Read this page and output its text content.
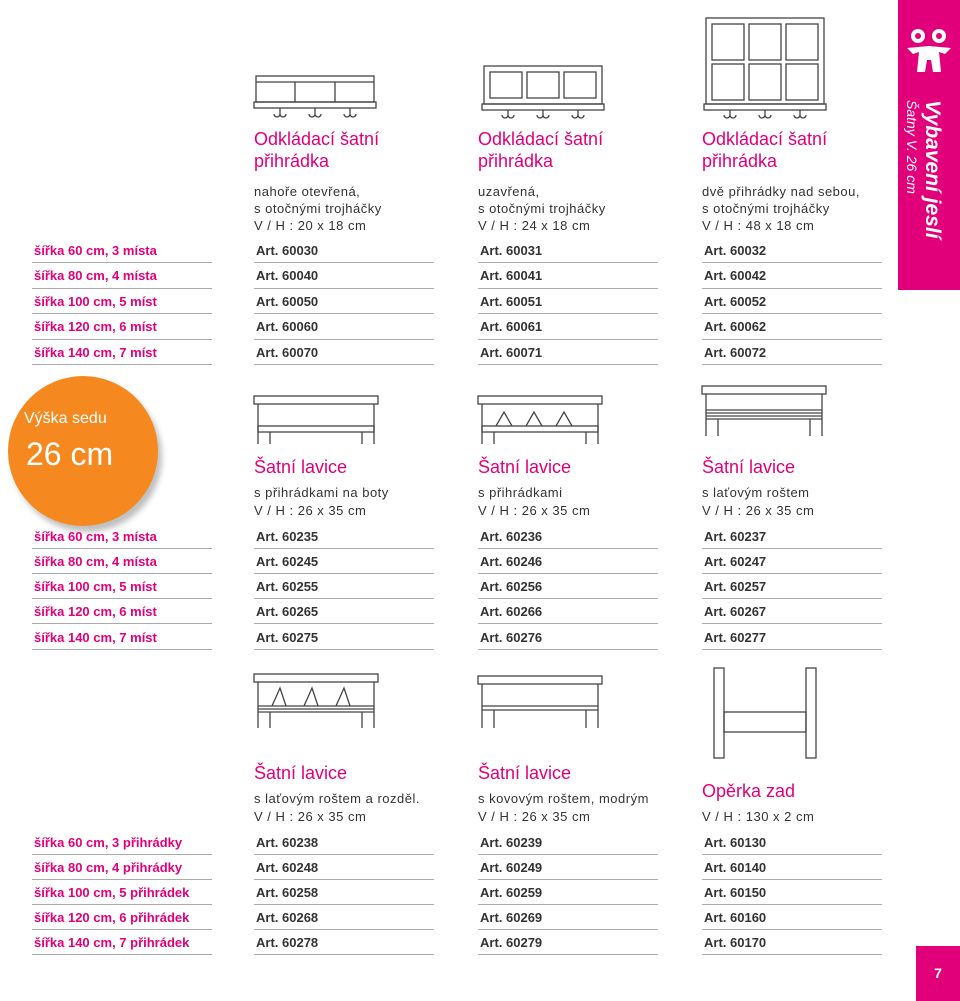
Vybavení jeslí
Šatny V. 26 cm
Odkládací šatní přihrádka
nahoře otevřená,
s otočnými trojháčky
V / H : 20 x 18 cm
Odkládací šatní přihrádka
uzavřená,
s otočnými trojháčky
V / H : 24 x 18 cm
Odkládací šatní přihrádka
dvě přihrádky nad sebou,
s otočnými trojháčky
V / H : 48 x 18 cm
šířka 60 cm, 3 místa
šířka 80 cm, 4 místa
šířka 100 cm, 5 míst
šířka 120 cm, 6 míst
šířka 140 cm, 7 míst
Art. 60030
Art. 60040
Art. 60050
Art. 60060
Art. 60070
Art. 60031
Art. 60041
Art. 60051
Art. 60061
Art. 60071
Art. 60032
Art. 60042
Art. 60052
Art. 60062
Art. 60072
Výška sedu
26 cm	Šatní lavice
s přihrádkami na boty
V / H : 26 x 35 cm
Šatní lavice
s přihrádkami
V / H : 26 x 35 cm
Šatní lavice
s laťovým roštem
V / H : 26 x 35 cm
šířka 60 cm, 3 místa
šířka 80 cm, 4 místa
šířka 100 cm, 5 míst
šířka 120 cm, 6 míst
šířka 140 cm, 7 míst
Art. 60235
Art. 60245
Art. 60255
Art. 60265
Art. 60275
Art. 60236
Art. 60246
Art. 60256
Art. 60266
Art. 60276
Art. 60237
Art. 60247
Art. 60257
Art. 60267
Art. 60277
Šatní lavice
s laťovým roštem a rozděl.
V / H : 26 x 35 cm
Šatní lavice
s kovovým roštem, modrým
V / H : 26 x 35 cm
Opěrka zad
V / H : 130 x 2 cm
šířka 60 cm, 3 přihrádky
šířka 80 cm, 4 přihrádky
šířka 100 cm, 5 přihrádek
šířka 120 cm, 6 přihrádek
šířka 140 cm, 7 přihrádek
Art. 60238
Art. 60248
Art. 60258
Art. 60268
Art. 60278
Art. 60239
Art. 60249
Art. 60259
Art. 60269
Art. 60279
Art. 60130
Art. 60140
Art. 60150
Art. 60160
Art. 60170
7
